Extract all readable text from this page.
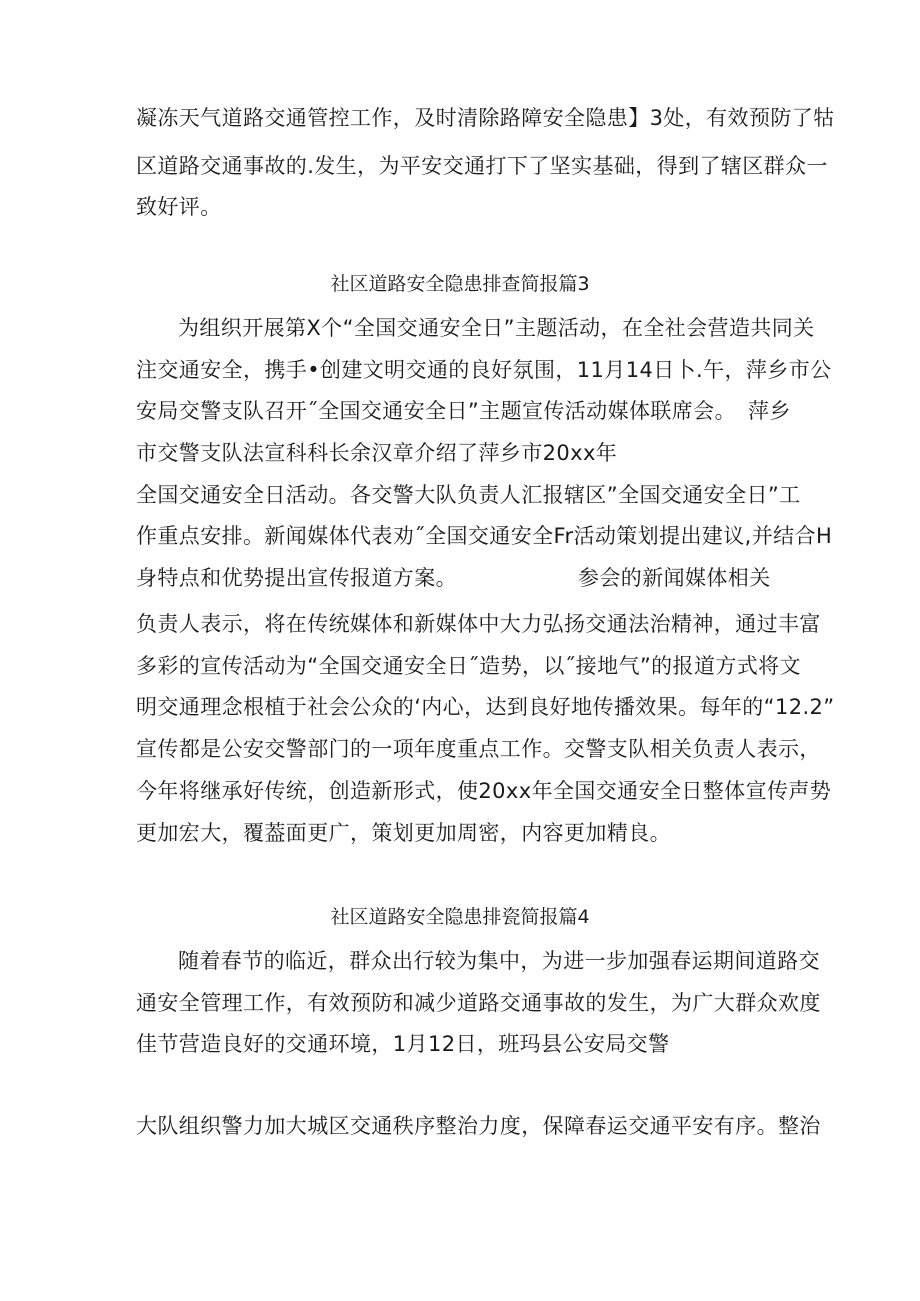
凝冻天气道路交通管控工作，及时清除路障安全隐患】3处，有效预防了牯
区道路交通事故的.发生，为平安交通打下了坚实基础，得到了辖区群众一
致好评。
社区道路安全隐患排查简报篇3
为组织开展第X个“全国交通安全日”主题活动，在全社会营造共同关
注交通安全，携手•创建文明交通的良好氛围，11月14日卜.午，萍乡市公
安局交警支队召开˝全国交通安全日”主题宣传活动媒体联席会。 萍乡
市交警支队法宣科科长余汉章介绍了萍乡市20xx年
全国交通安全日活动。各交警大队负责人汇报辖区”全国交通安全日”工
作重点安排。新闻媒体代表劝˝全国交通安全Fr活动策划提出建议,并结合H
身特点和优势提出宣传报道方案。	参会的新闻媒体相关
负责人表示，将在传统媒体和新媒体中大力弘扬交通法治精神，通过丰富
多彩的宣传活动为“全国交通安全日˝造势，以˝接地气”的报道方式将文
明交通理念根植于社会公众的‘内心，达到良好地传播效果。每年的“12.2”
宣传都是公安交警部门的一项年度重点工作。交警支队相关负责人表示，
今年将继承好传统，创造新形式，使20xx年全国交通安全日整体宣传声势
更加宏大，覆葢面更广，策划更加周密，内容更加精良。
社区道路安全隐患排瓷简报篇4
随着春节的临近，群众出行较为集中，为进一步加强春运期间道路交
通安全管理工作，有效预防和减少道路交通事故的发生，为广大群众欢度
佳节营造良好的交通环境，1月12日，班玛县公安局交警
大队组织警力加大城区交通秩序整治力度，保障春运交通平安有序。整治
